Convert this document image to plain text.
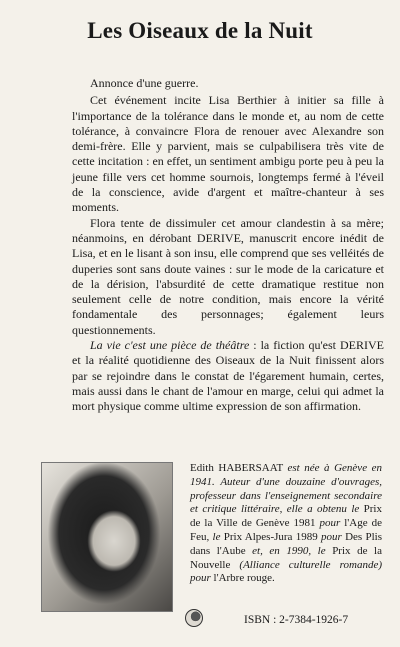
Les Oiseaux de la Nuit

Annonce d'une guerre.

Cet événement incite Lisa Berthier à initier sa fille à l'importance de la tolérance dans le monde et, au nom de cette tolérance, à convaincre Flora de renouer avec Alexandre son demi-frère. Elle y parvient, mais se culpabilisera très vite de cette incitation : en effet, un sentiment ambigu porte peu à peu la jeune fille vers cet homme sournois, longtemps fermé à l'éveil de la conscience, avide d'argent et maître-chanteur à ses moments.

Flora tente de dissimuler cet amour clandestin à sa mère; néanmoins, en dérobant DERIVE, manuscrit encore inédit de Lisa, et en le lisant à son insu, elle comprend que ses velléités de duperies sont sans doute vaines : sur le mode de la caricature et de la dérision, l'absurdité de cette dramatique restitue non seulement celle de notre condition, mais encore la vérité fondamentale des personnages; également leurs questionnements.

La vie c'est une pièce de théâtre : la fiction qu'est DERIVE et la réalité quotidienne des Oiseaux de la Nuit finissent alors par se rejoindre dans le constat de l'égarement humain, certes, mais aussi dans le chant de l'amour en marge, celui qui admet la mort physique comme ultime expression de son affirmation.

Edith HABERSAAT est née à Genève en 1941. Auteur d'une douzaine d'ouvrages, professeur dans l'enseignement secondaire et critique littéraire, elle a obtenu le Prix de la Ville de Genève 1981 pour l'Age de Feu, le Prix Alpes-Jura 1989 pour Des Plis dans l'Aube et, en 1990, le Prix de la Nouvelle (Alliance culturelle romande) pour l'Arbre rouge.
ISBN : 2-7384-1926-7
